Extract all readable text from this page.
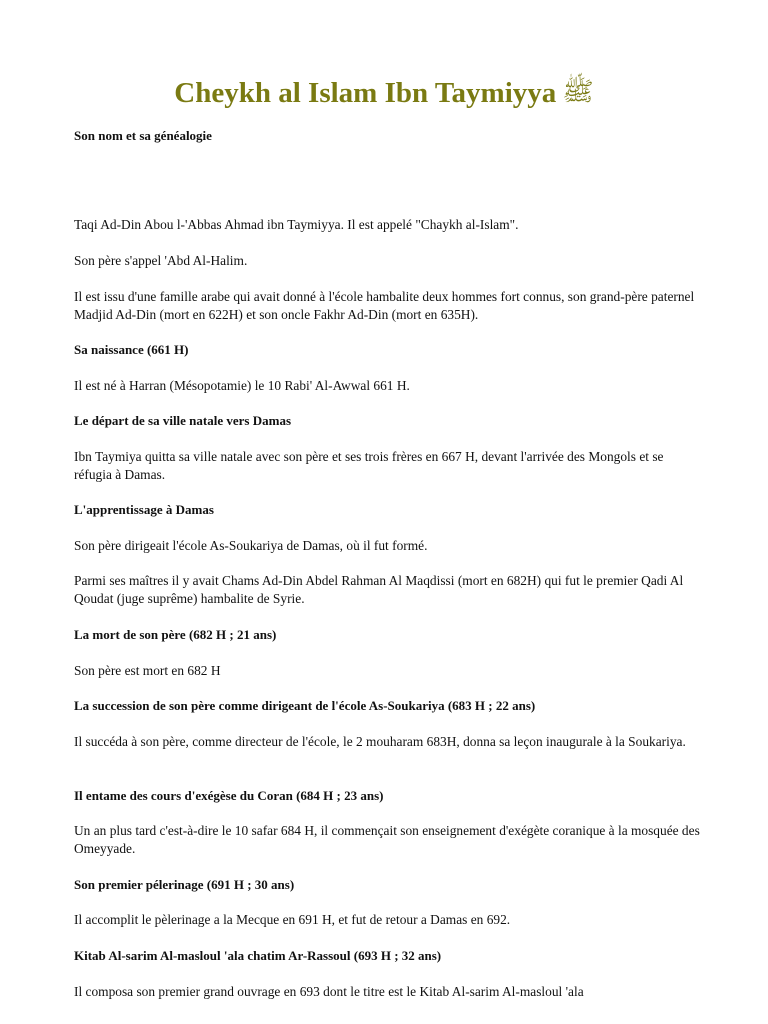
Cheykh al Islam Ibn Taymiyya ﷺ
Son nom et sa généalogie

Taqi Ad-Din Abou l-'Abbas Ahmad ibn Taymiyya. Il est appelé "Chaykh al-Islam".

Son père s'appel 'Abd Al-Halim.

Il est issu d'une famille arabe qui avait donné à l'école hambalite deux hommes fort connus, son grand-père paternel Madjid Ad-Din (mort en 622H) et son oncle Fakhr Ad-Din (mort en 635H).

Sa naissance (661 H)

Il est né à Harran (Mésopotamie) le 10 Rabi' Al-Awwal 661 H.

Le départ de sa ville natale vers Damas

Ibn Taymiya quitta sa ville natale avec son père et ses trois frères en 667 H, devant l'arrivée des Mongols et se réfugia à Damas.

L'apprentissage à Damas

Son père dirigeait l'école As-Soukariya de Damas, où il fut formé.

Parmi ses maîtres il y avait Chams Ad-Din Abdel Rahman Al Maqdissi (mort en 682H) qui fut le premier Qadi Al Qoudat (juge suprême) hambalite de Syrie.

La mort de son père (682 H ; 21 ans)

Son père est mort en 682 H

La succession de son père comme dirigeant de l'école As-Soukariya (683 H ; 22 ans)

Il succéda à son père, comme directeur de l'école, le 2 mouharam 683H, donna sa leçon inaugurale à la Soukariya.

Il entame des cours d'exégèse du Coran (684 H ; 23 ans)

Un an plus tard c'est-à-dire le 10 safar 684 H, il commençait son enseignement d'exégète coranique à la mosquée des Omeyyade.

Son premier pélerinage (691 H ; 30 ans)

Il accomplit le pèlerinage a la Mecque en 691 H, et fut de retour a Damas en 692.

Kitab Al-sarim Al-masloul 'ala chatim Ar-Rassoul (693 H ; 32 ans)

Il composa son premier grand ouvrage en 693 dont le titre est le Kitab Al-sarim Al-masloul 'ala
